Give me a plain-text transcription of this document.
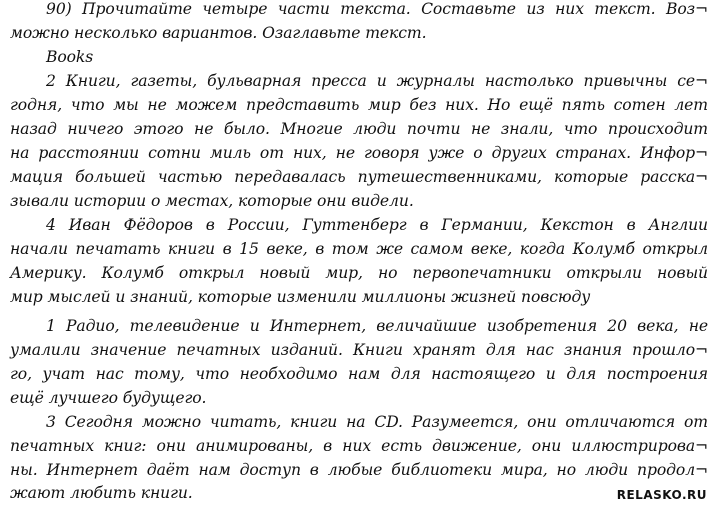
90) Прочитайте четыре части текста. Составьте из них текст. Воз¬
можно несколько вариантов. Озаглавьте текст.
Books
2 Книги, газеты, бульварная пресса и журналы настолько привычны се¬
годня, что мы не можем представить мир без них. Но ещё пять сотен лет
назад ничего этого не было. Многие люди почти не знали, что происходит
на расстоянии сотни миль от них, не говоря уже о других странах. Инфор¬
мация большей частью передавалась путешественниками, которые расска¬
зывали истории о местах, которые они видели.
4 Иван Фёдоров в России, Гуттенберг в Германии, Кекстон в Англии
начали печатать книги в 15 веке, в том же самом веке, когда Колумб открыл
Америку. Колумб открыл новый мир, но первопечатники открыли новый
мир мыслей и знаний, которые изменили миллионы жизней повсюду
1 Радио, телевидение и Интернет, величайшие изобретения 20 века, не
умалили значение печатных изданий. Книги хранят для нас знания прошло¬
го, учат нас тому, что необходимо нам для настоящего и для построения
ещё лучшего будущего.
3 Сегодня можно читать, книги на CD. Разумеется, они отличаются от
печатных книг: они анимированы, в них есть движение, они иллюстрирова¬
ны. Интернет даёт нам доступ в любые библиотеки мира, но люди продол¬
жают любить книги.	RELASKO.RU
